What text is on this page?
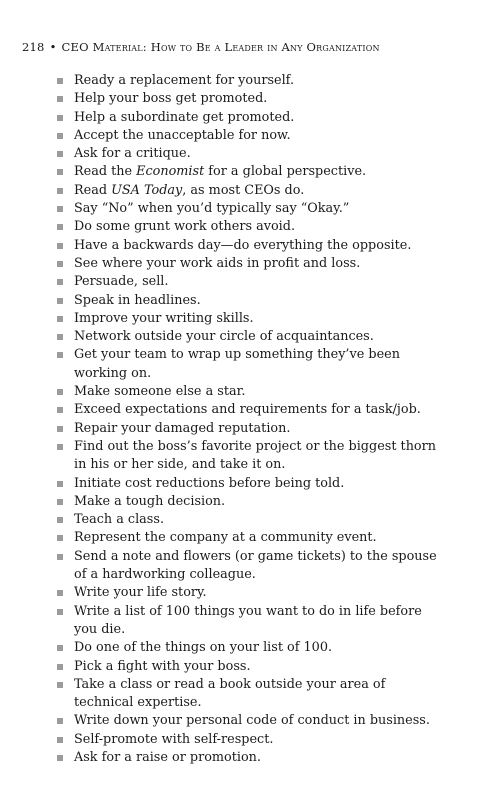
218 • CEO Material: How to Be a Leader in Any Organization
Ready a replacement for yourself.
Help your boss get promoted.
Help a subordinate get promoted.
Accept the unacceptable for now.
Ask for a critique.
Read the Economist for a global perspective.
Read USA Today, as most CEOs do.
Say “No” when you’d typically say “Okay.”
Do some grunt work others avoid.
Have a backwards day—do everything the opposite.
See where your work aids in profit and loss.
Persuade, sell.
Speak in headlines.
Improve your writing skills.
Network outside your circle of acquaintances.
Get your team to wrap up something they’ve been working on.
Make someone else a star.
Exceed expectations and requirements for a task/job.
Repair your damaged reputation.
Find out the boss’s favorite project or the biggest thorn in his or her side, and take it on.
Initiate cost reductions before being told.
Make a tough decision.
Teach a class.
Represent the company at a community event.
Send a note and flowers (or game tickets) to the spouse of a hardworking colleague.
Write your life story.
Write a list of 100 things you want to do in life before you die.
Do one of the things on your list of 100.
Pick a fight with your boss.
Take a class or read a book outside your area of technical expertise.
Write down your personal code of conduct in business.
Self-promote with self-respect.
Ask for a raise or promotion.
